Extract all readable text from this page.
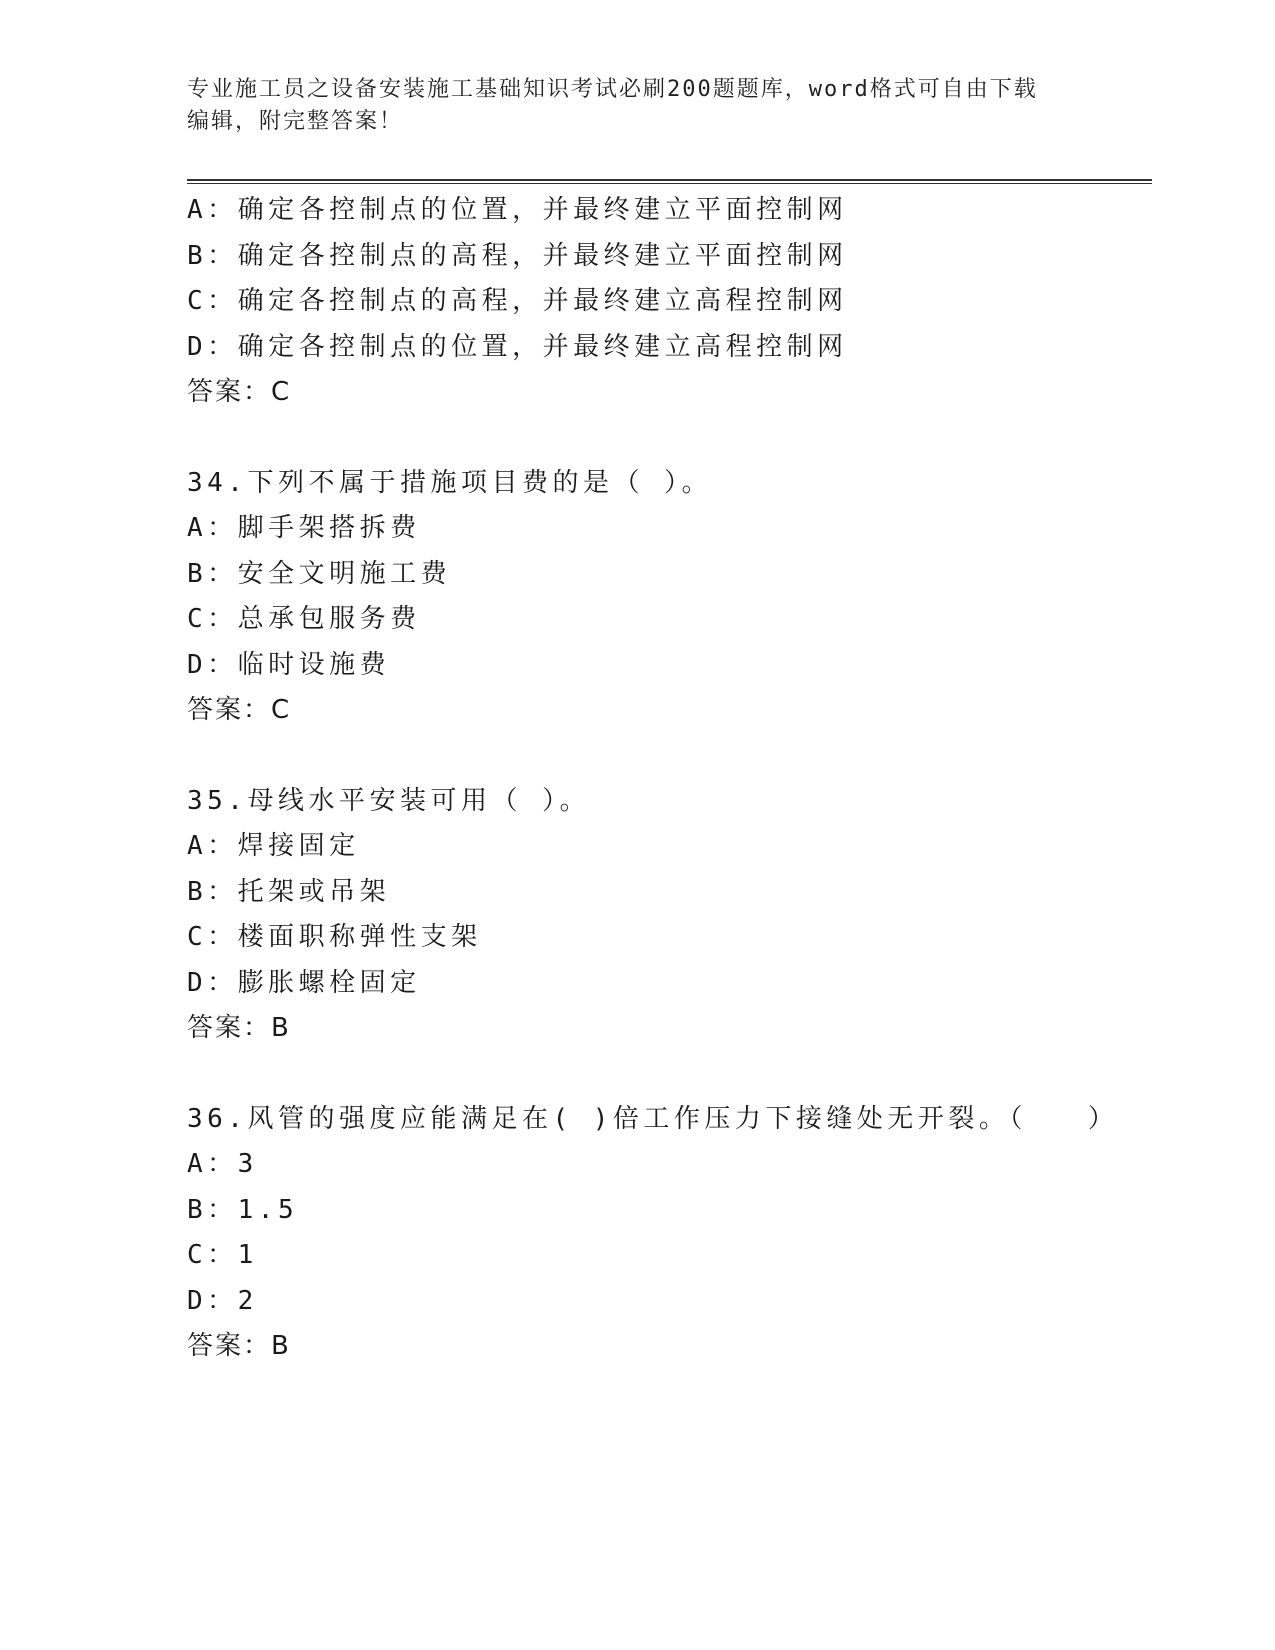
专业施工员之设备安装施工基础知识考试必刷200题题库，word格式可自由下载
编辑，附完整答案！
A：确定各控制点的位置，并最终建立平面控制网
B：确定各控制点的高程，并最终建立平面控制网
C：确定各控制点的高程，并最终建立高程控制网
D：确定各控制点的位置，并最终建立高程控制网
答案：C
34.下列不属于措施项目费的是（ ）。
A：脚手架搭拆费
B：安全文明施工费
C：总承包服务费
D：临时设施费
答案：C
35.母线水平安装可用（ ）。
A：焊接固定
B：托架或吊架
C：楼面职称弹性支架
D：膨胀螺栓固定
答案：B
36.风管的强度应能满足在( )倍工作压力下接缝处无开裂。（　　）
A：3
B：1.5
C：1
D：2
答案：B
